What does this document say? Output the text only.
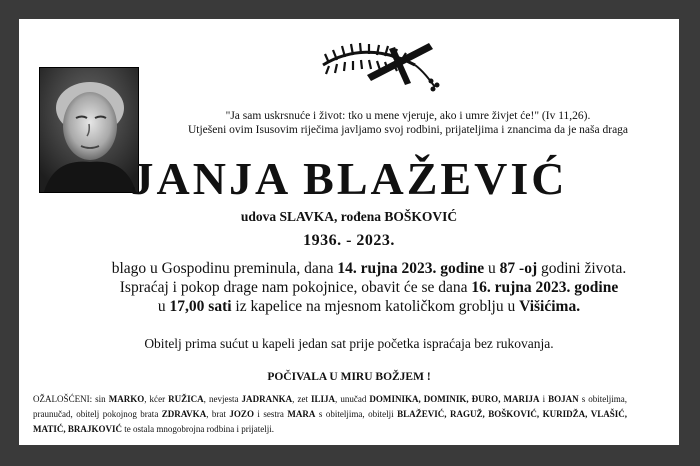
"Ja sam uskrsnuće i život: tko u mene vjeruje, ako i umre živjet će!" (Iv 11,26).
Utješeni ovim Isusovim riječima javljamo svoj rodbini, prijateljima i znancima da je naša draga
JANJA BLAŽEVIĆ
udova SLAVKA, rođena BOŠKOVIĆ
1936. - 2023.
blago u Gospodinu preminula, dana 14. rujna 2023. godine u 87 -oj godini života.
Ispraćaj i pokop drage nam pokojnice, obavit će se dana 16. rujna 2023. godine
u 17,00 sati iz kapelice na mjesnom katoličkom groblju u Višićima.
Obitelj prima sućut u kapeli jedan sat prije početka ispraćaja bez rukovanja.
POČIVALA U MIRU BOŽJEM !
OŽALOŠĆENI: sin MARKO, kćer RUŽICA, nevjesta JADRANKA, zet ILIJA, unučad DOMINIKA, DOMINIK, ĐURO, MARIJA i BOJAN s obiteljima, praunučad, obitelj pokojnog brata ZDRAVKA, brat JOZO i sestra MARA s obiteljima, obitelji BLAŽEVIĆ, RAGUŽ, BOŠKOVIĆ, KURIDŽA, VLAŠIĆ, MATIĆ, BRAJKOVIĆ te ostala mnogobrojna rodbina i prijatelji.
